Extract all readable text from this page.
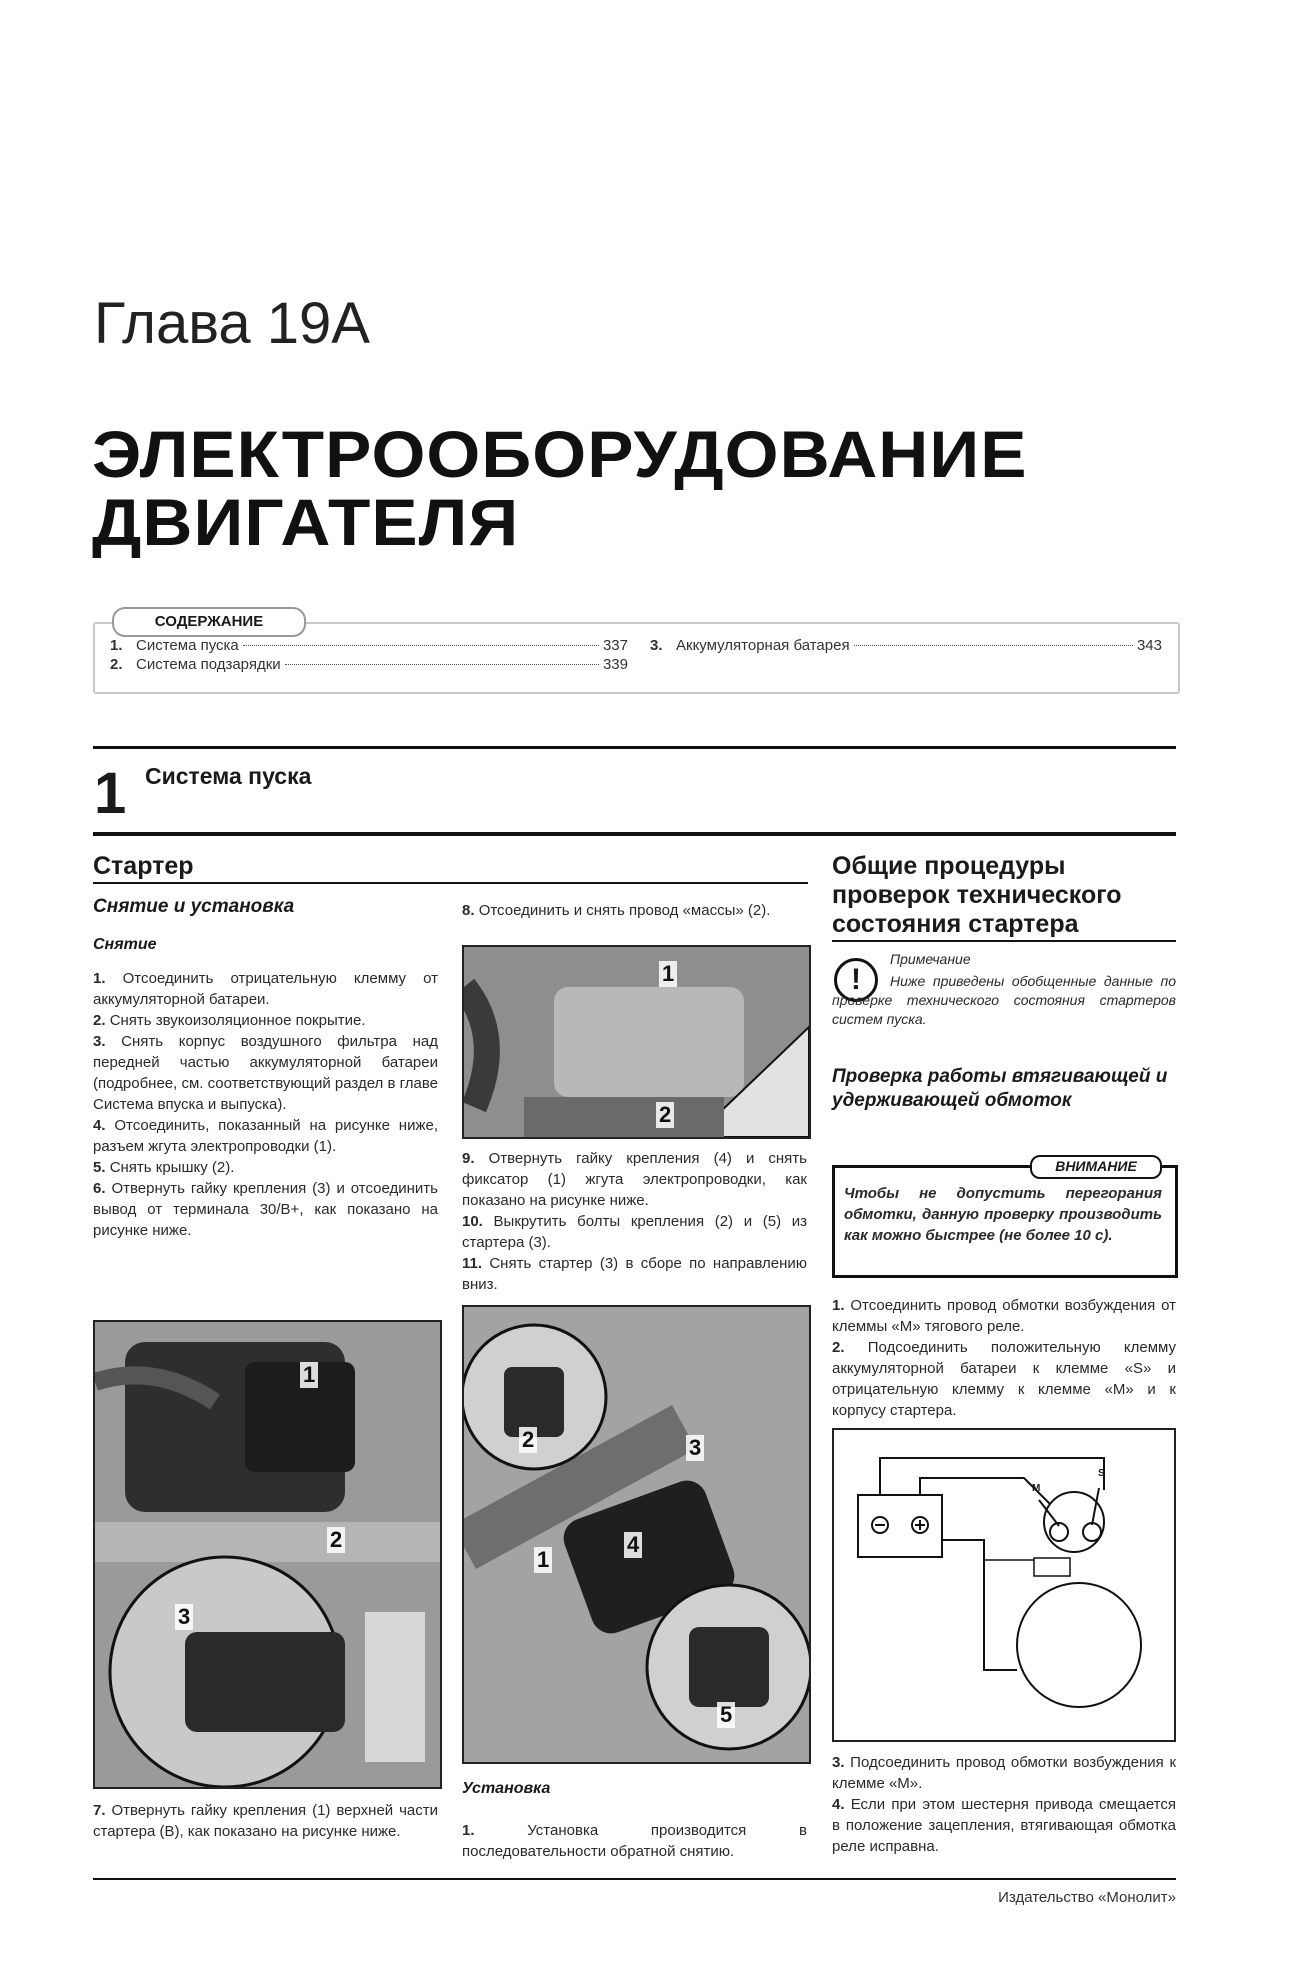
Глава 19А
ЭЛЕКТРООБОРУДОВАНИЕ
ДВИГАТЕЛЯ
СОДЕРЖАНИЕ
1. Система пуска	337
2. Система подзарядки	339
3. Аккумуляторная батарея	343
1 Система пуска
Стартер
Снятие и установка
Снятие

1. Отсоединить отрицательную клемму от аккумуляторной батареи.

2. Снять звукоизоляционное покрытие.

3. Снять корпус воздушного фильтра над передней частью аккумуляторной батареи (подробнее, см. соответствующий раздел в главе Система впуска и выпуска).

4. Отсоединить, показанный на рисунке ниже, разъем жгута электропроводки (1).

5. Снять крышку (2).

6. Отвернуть гайку крепления (3) и отсоединить вывод от терминала 30/В+, как показано на рисунке ниже.

1
2
3

7. Отвернуть гайку крепления (1) верхней части стартера (В), как показано на рисунке ниже.

8. Отсоединить и снять провод «массы» (2).

1
2

9. Отвернуть гайку крепления (4) и снять фиксатор (1) жгута электропроводки, как показано на рисунке ниже.

10. Выкрутить болты крепления (2) и (5) из стартера (3).

11. Снять стартер (3) в сборе по направлению вниз.

1
2	3
4
5
Установка

1.	Установка производится в последовательности обратной снятию.

Общие процедуры проверок технического состояния стартера
!

Примечание

Ниже приведены обобщенные данные по проверке технического состояния стартеров систем пуска.
Проверка работы втягивающей и удерживающей обмоток
ВНИМАНИЕ
Чтобы не допустить перегорания обмотки, данную проверку производить как можно быстрее (не более 10 с).

1. Отсоединить провод обмотки возбуждения от клеммы «М» тягового реле.

2. Подсоединить положительную клемму аккумуляторной батареи к клемме «S» и отрицательную клемму к клемме «М» и к корпусу стартера.

М
S

3. Подсоединить провод обмотки возбуждения к клемме «М».

4. Если при этом шестерня привода смещается в положение зацепления, втягивающая обмотка реле исправна.

Издательство «Монолит»
